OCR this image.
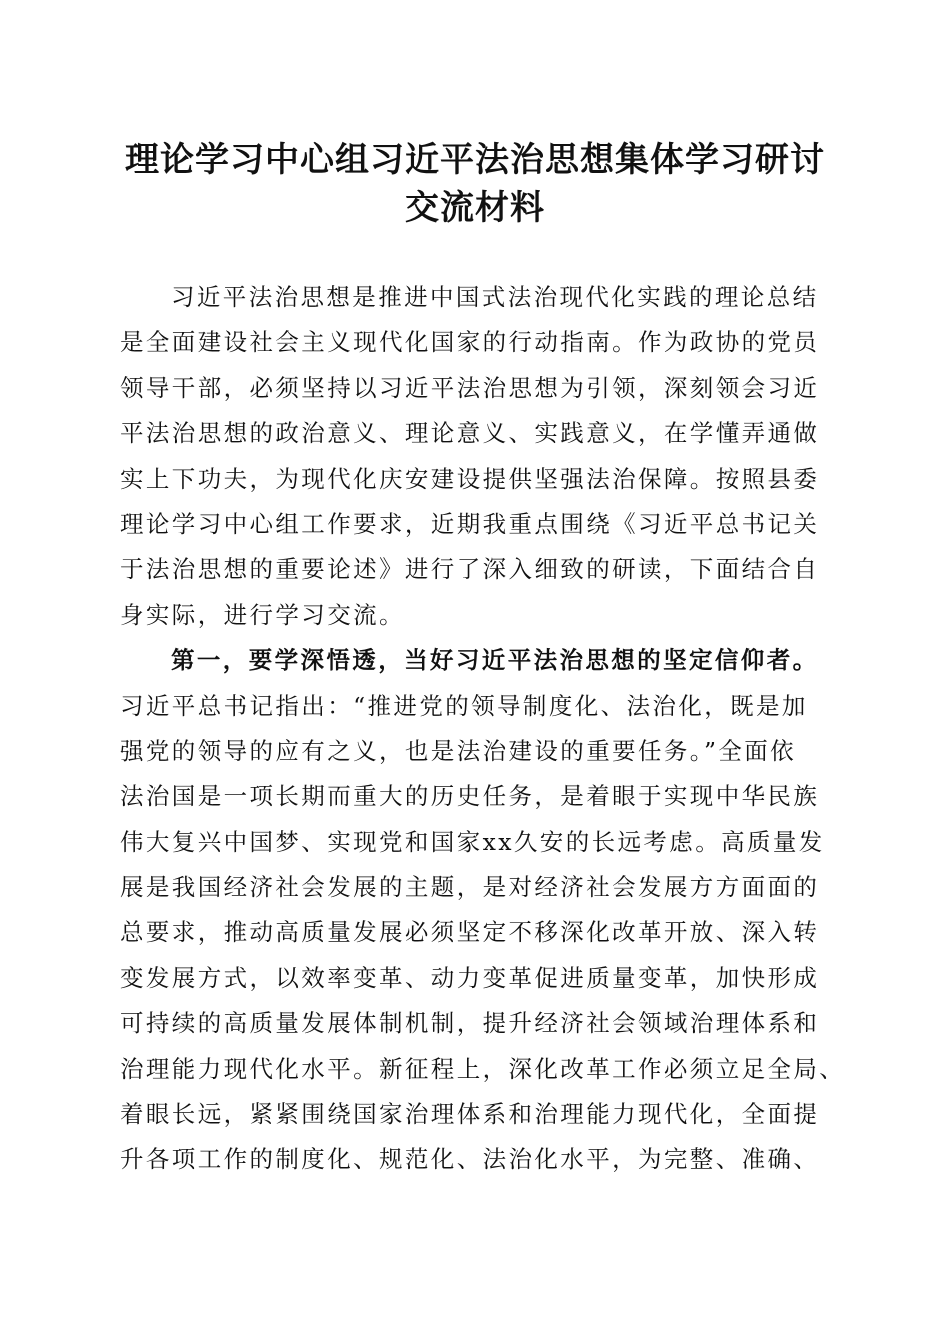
理论学习中心组习近平法治思想集体学习研讨
交流材料
习近平法治思想是推进中国式法治现代化实践的理论总结
是全面建设社会主义现代化国家的行动指南。作为政协的党员
领导干部，必须坚持以习近平法治思想为引领，深刻领会习近
平法治思想的政治意义、理论意义、实践意义，在学懂弄通做
实上下功夫，为现代化庆安建设提供坚强法治保障。按照县委
理论学习中心组工作要求，近期我重点围绕《习近平总书记关
于法治思想的重要论述》进行了深入细致的研读，下面结合自
身实际，进行学习交流。
第一，要学深悟透，当好习近平法治思想的坚定信仰者。
习近平总书记指出：“推进党的领导制度化、法治化，既是加
强党的领导的应有之义，也是法治建设的重要任务。”全面依
法治国是一项长期而重大的历史任务，是着眼于实现中华民族
伟大复兴中国梦、实现党和国家xx久安的长远考虑。高质量发
展是我国经济社会发展的主题，是对经济社会发展方方面面的
总要求，推动高质量发展必须坚定不移深化改革开放、深入转
变发展方式，以效率变革、动力变革促进质量变革，加快形成
可持续的高质量发展体制机制，提升经济社会领域治理体系和
治理能力现代化水平。新征程上，深化改革工作必须立足全局、
着眼长远，紧紧围绕国家治理体系和治理能力现代化，全面提
升各项工作的制度化、规范化、法治化水平，为完整、准确、
